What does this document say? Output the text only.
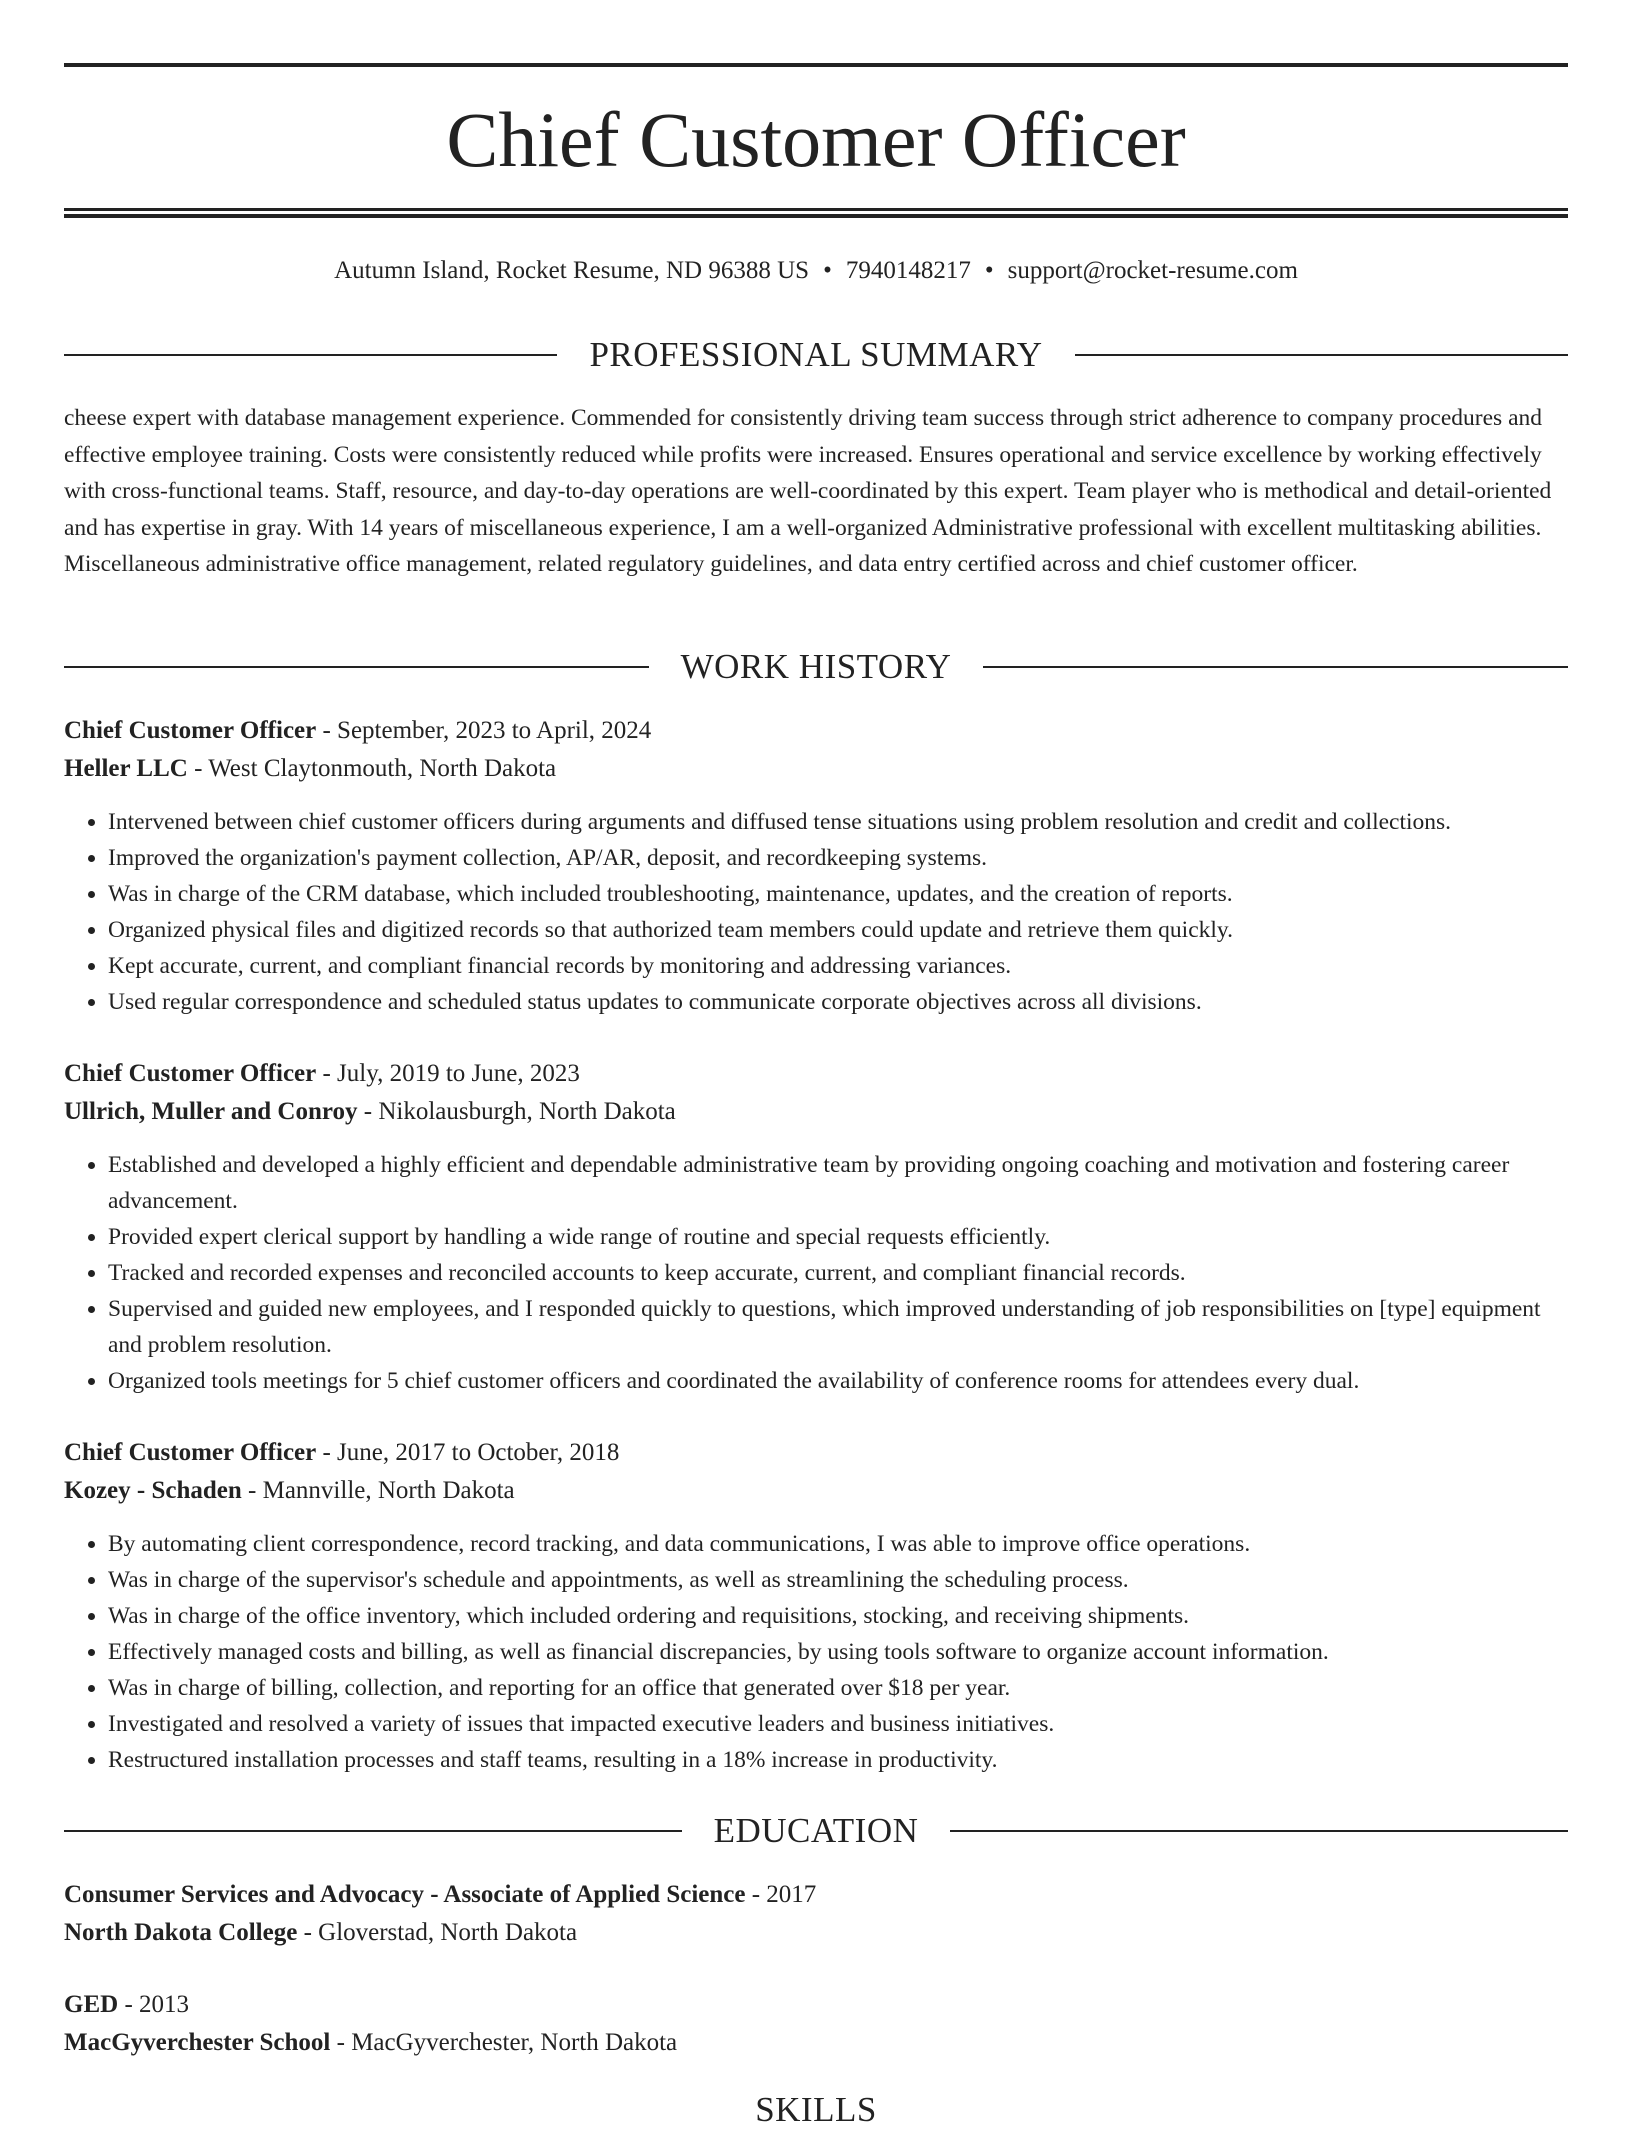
Chief Customer Officer
Autumn Island, Rocket Resume, ND 96388 US • 7940148217 • support@rocket-resume.com
PROFESSIONAL SUMMARY
cheese expert with database management experience. Commended for consistently driving team success through strict adherence to company procedures and effective employee training. Costs were consistently reduced while profits were increased. Ensures operational and service excellence by working effectively with cross-functional teams. Staff, resource, and day-to-day operations are well-coordinated by this expert. Team player who is methodical and detail-oriented and has expertise in gray. With 14 years of miscellaneous experience, I am a well-organized Administrative professional with excellent multitasking abilities. Miscellaneous administrative office management, related regulatory guidelines, and data entry certified across and chief customer officer.
WORK HISTORY
Chief Customer Officer - September, 2023 to April, 2024
Heller LLC - West Claytonmouth, North Dakota
• Intervened between chief customer officers during arguments and diffused tense situations using problem resolution and credit and collections.
• Improved the organization's payment collection, AP/AR, deposit, and recordkeeping systems.
• Was in charge of the CRM database, which included troubleshooting, maintenance, updates, and the creation of reports.
• Organized physical files and digitized records so that authorized team members could update and retrieve them quickly.
• Kept accurate, current, and compliant financial records by monitoring and addressing variances.
• Used regular correspondence and scheduled status updates to communicate corporate objectives across all divisions.
Chief Customer Officer - July, 2019 to June, 2023
Ullrich, Muller and Conroy - Nikolausburgh, North Dakota
• Established and developed a highly efficient and dependable administrative team by providing ongoing coaching and motivation and fostering career advancement.
• Provided expert clerical support by handling a wide range of routine and special requests efficiently.
• Tracked and recorded expenses and reconciled accounts to keep accurate, current, and compliant financial records.
• Supervised and guided new employees, and I responded quickly to questions, which improved understanding of job responsibilities on [type] equipment and problem resolution.
• Organized tools meetings for 5 chief customer officers and coordinated the availability of conference rooms for attendees every dual.
Chief Customer Officer - June, 2017 to October, 2018
Kozey - Schaden - Mannville, North Dakota
• By automating client correspondence, record tracking, and data communications, I was able to improve office operations.
• Was in charge of the supervisor's schedule and appointments, as well as streamlining the scheduling process.
• Was in charge of the office inventory, which included ordering and requisitions, stocking, and receiving shipments.
• Effectively managed costs and billing, as well as financial discrepancies, by using tools software to organize account information.
• Was in charge of billing, collection, and reporting for an office that generated over $18 per year.
• Investigated and resolved a variety of issues that impacted executive leaders and business initiatives.
• Restructured installation processes and staff teams, resulting in a 18% increase in productivity.
EDUCATION
Consumer Services and Advocacy - Associate of Applied Science - 2017
North Dakota College - Gloverstad, North Dakota
GED - 2013
MacGyverchester School - MacGyverchester, North Dakota
SKILLS
